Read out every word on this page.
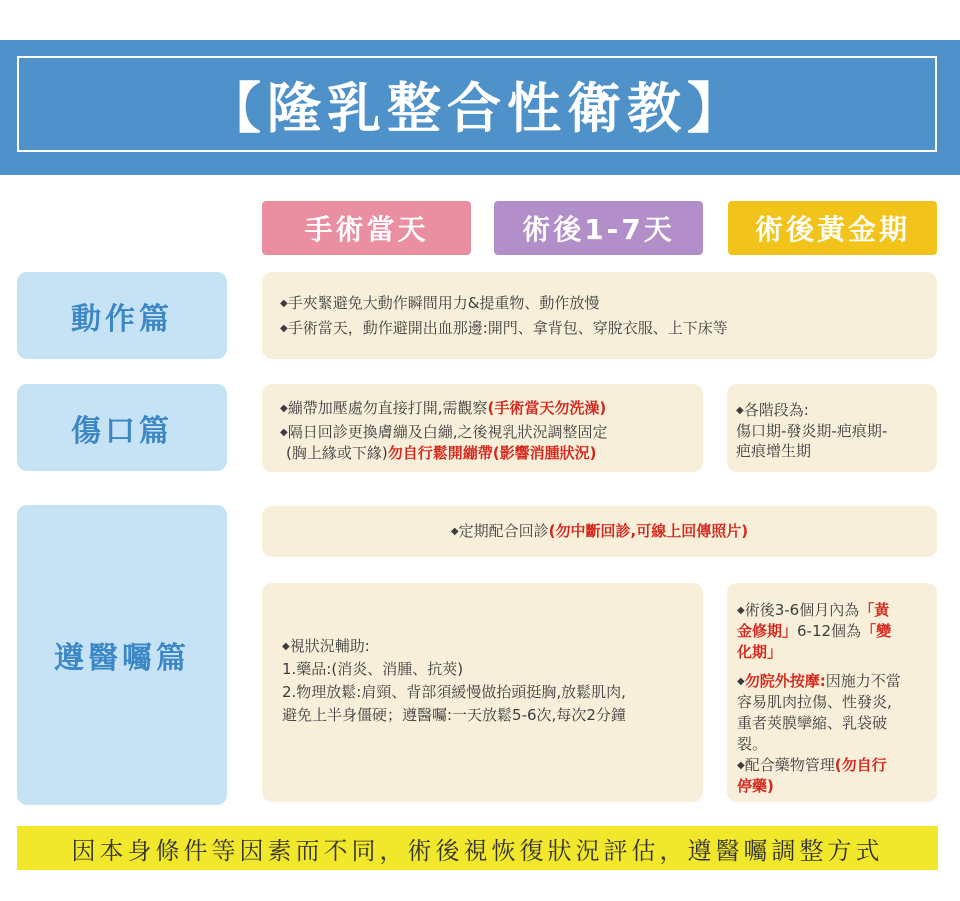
【隆乳整合性衛教】
手術當天	術後1-7天	術後黃金期
動作篇
傷口篇
遵醫囑篇
◆手夾緊避免大動作瞬間用力&提重物、動作放慢
◆手術當天，動作避開出血那邊:開門、拿背包、穿脫衣服、上下床等
◆繃帶加壓處勿直接打開,需觀察(手術當天勿洗澡)
◆隔日回診更換膚繃及白繃,之後視乳狀況調整固定
(胸上緣或下緣)勿自行鬆開繃帶(影響消腫狀況)
◆各階段為:
傷口期-發炎期-疤痕期-
疤痕增生期
◆定期配合回診(勿中斷回診,可線上回傳照片)
◆視狀況輔助:
1.藥品:(消炎、消腫、抗莢)
2.物理放鬆:肩頸、背部須緩慢做抬頭挺胸,放鬆肌肉,
避免上半身僵硬；遵醫囑:一天放鬆5-6次,每次2分鐘
◆術後3-6個月內為「黃
金修期」6-12個為「變
化期」
◆勿院外按摩:因施力不當
容易肌肉拉傷、性發炎,
重者莢膜攣縮、乳袋破
裂。
◆配合藥物管理(勿自行
停藥)
因本身條件等因素而不同，術後視恢復狀況評估，遵醫囑調整方式
